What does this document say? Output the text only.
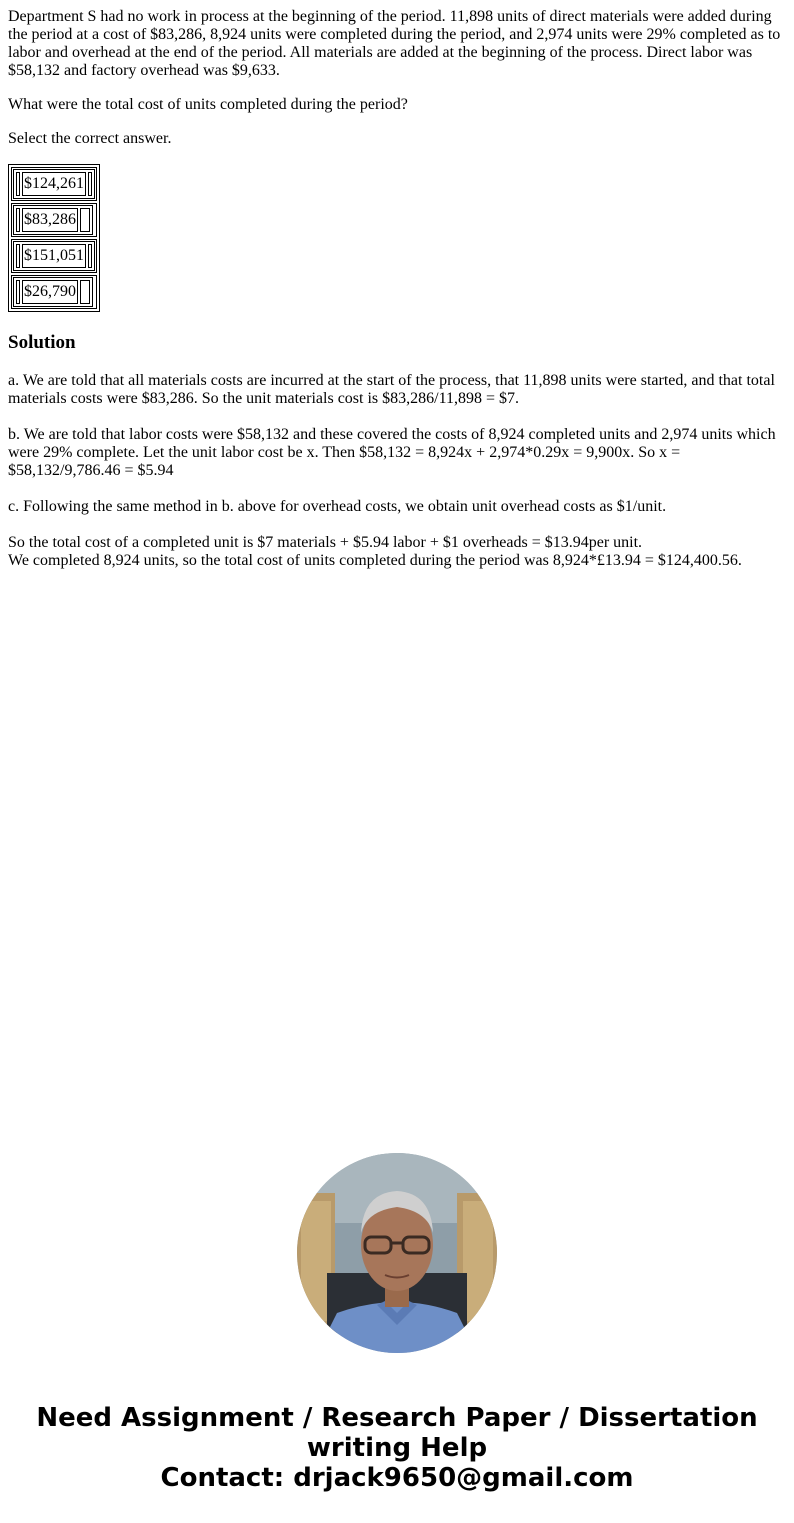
Department S had no work in process at the beginning of the period. 11,898 units of direct materials were added during the period at a cost of $83,286, 8,924 units were completed during the period, and 2,974 units were 29% completed as to labor and overhead at the end of the period. All materials are added at the beginning of the process. Direct labor was $58,132 and factory overhead was $9,633.

What were the total cost of units completed during the period?

Select the correct answer.

	$124,261	

	$83,286	

	$151,051	

	$26,790	
Solution

a. We are told that all materials costs are incurred at the start of the process, that 11,898 units were started, and that total materials costs were $83,286. So the unit materials cost is $83,286/11,898 = $7.

b. We are told that labor costs were $58,132 and these covered the costs of 8,924 completed units and 2,974 units which were 29% complete. Let the unit labor cost be x. Then $58,132 = 8,924x + 2,974*0.29x = 9,900x. So x = $58,132/9,786.46 = $5.94

c. Following the same method in b. above for overhead costs, we obtain unit overhead costs as $1/unit.

So the total cost of a completed unit is $7 materials + $5.94 labor + $1 overheads = $13.94per unit.

We completed 8,924 units, so the total cost of units completed during the period was 8,924*£13.94 = $124,400.56.

Need Assignment / Research Paper / Dissertation
writing Help
Contact: drjack9650@gmail.com
